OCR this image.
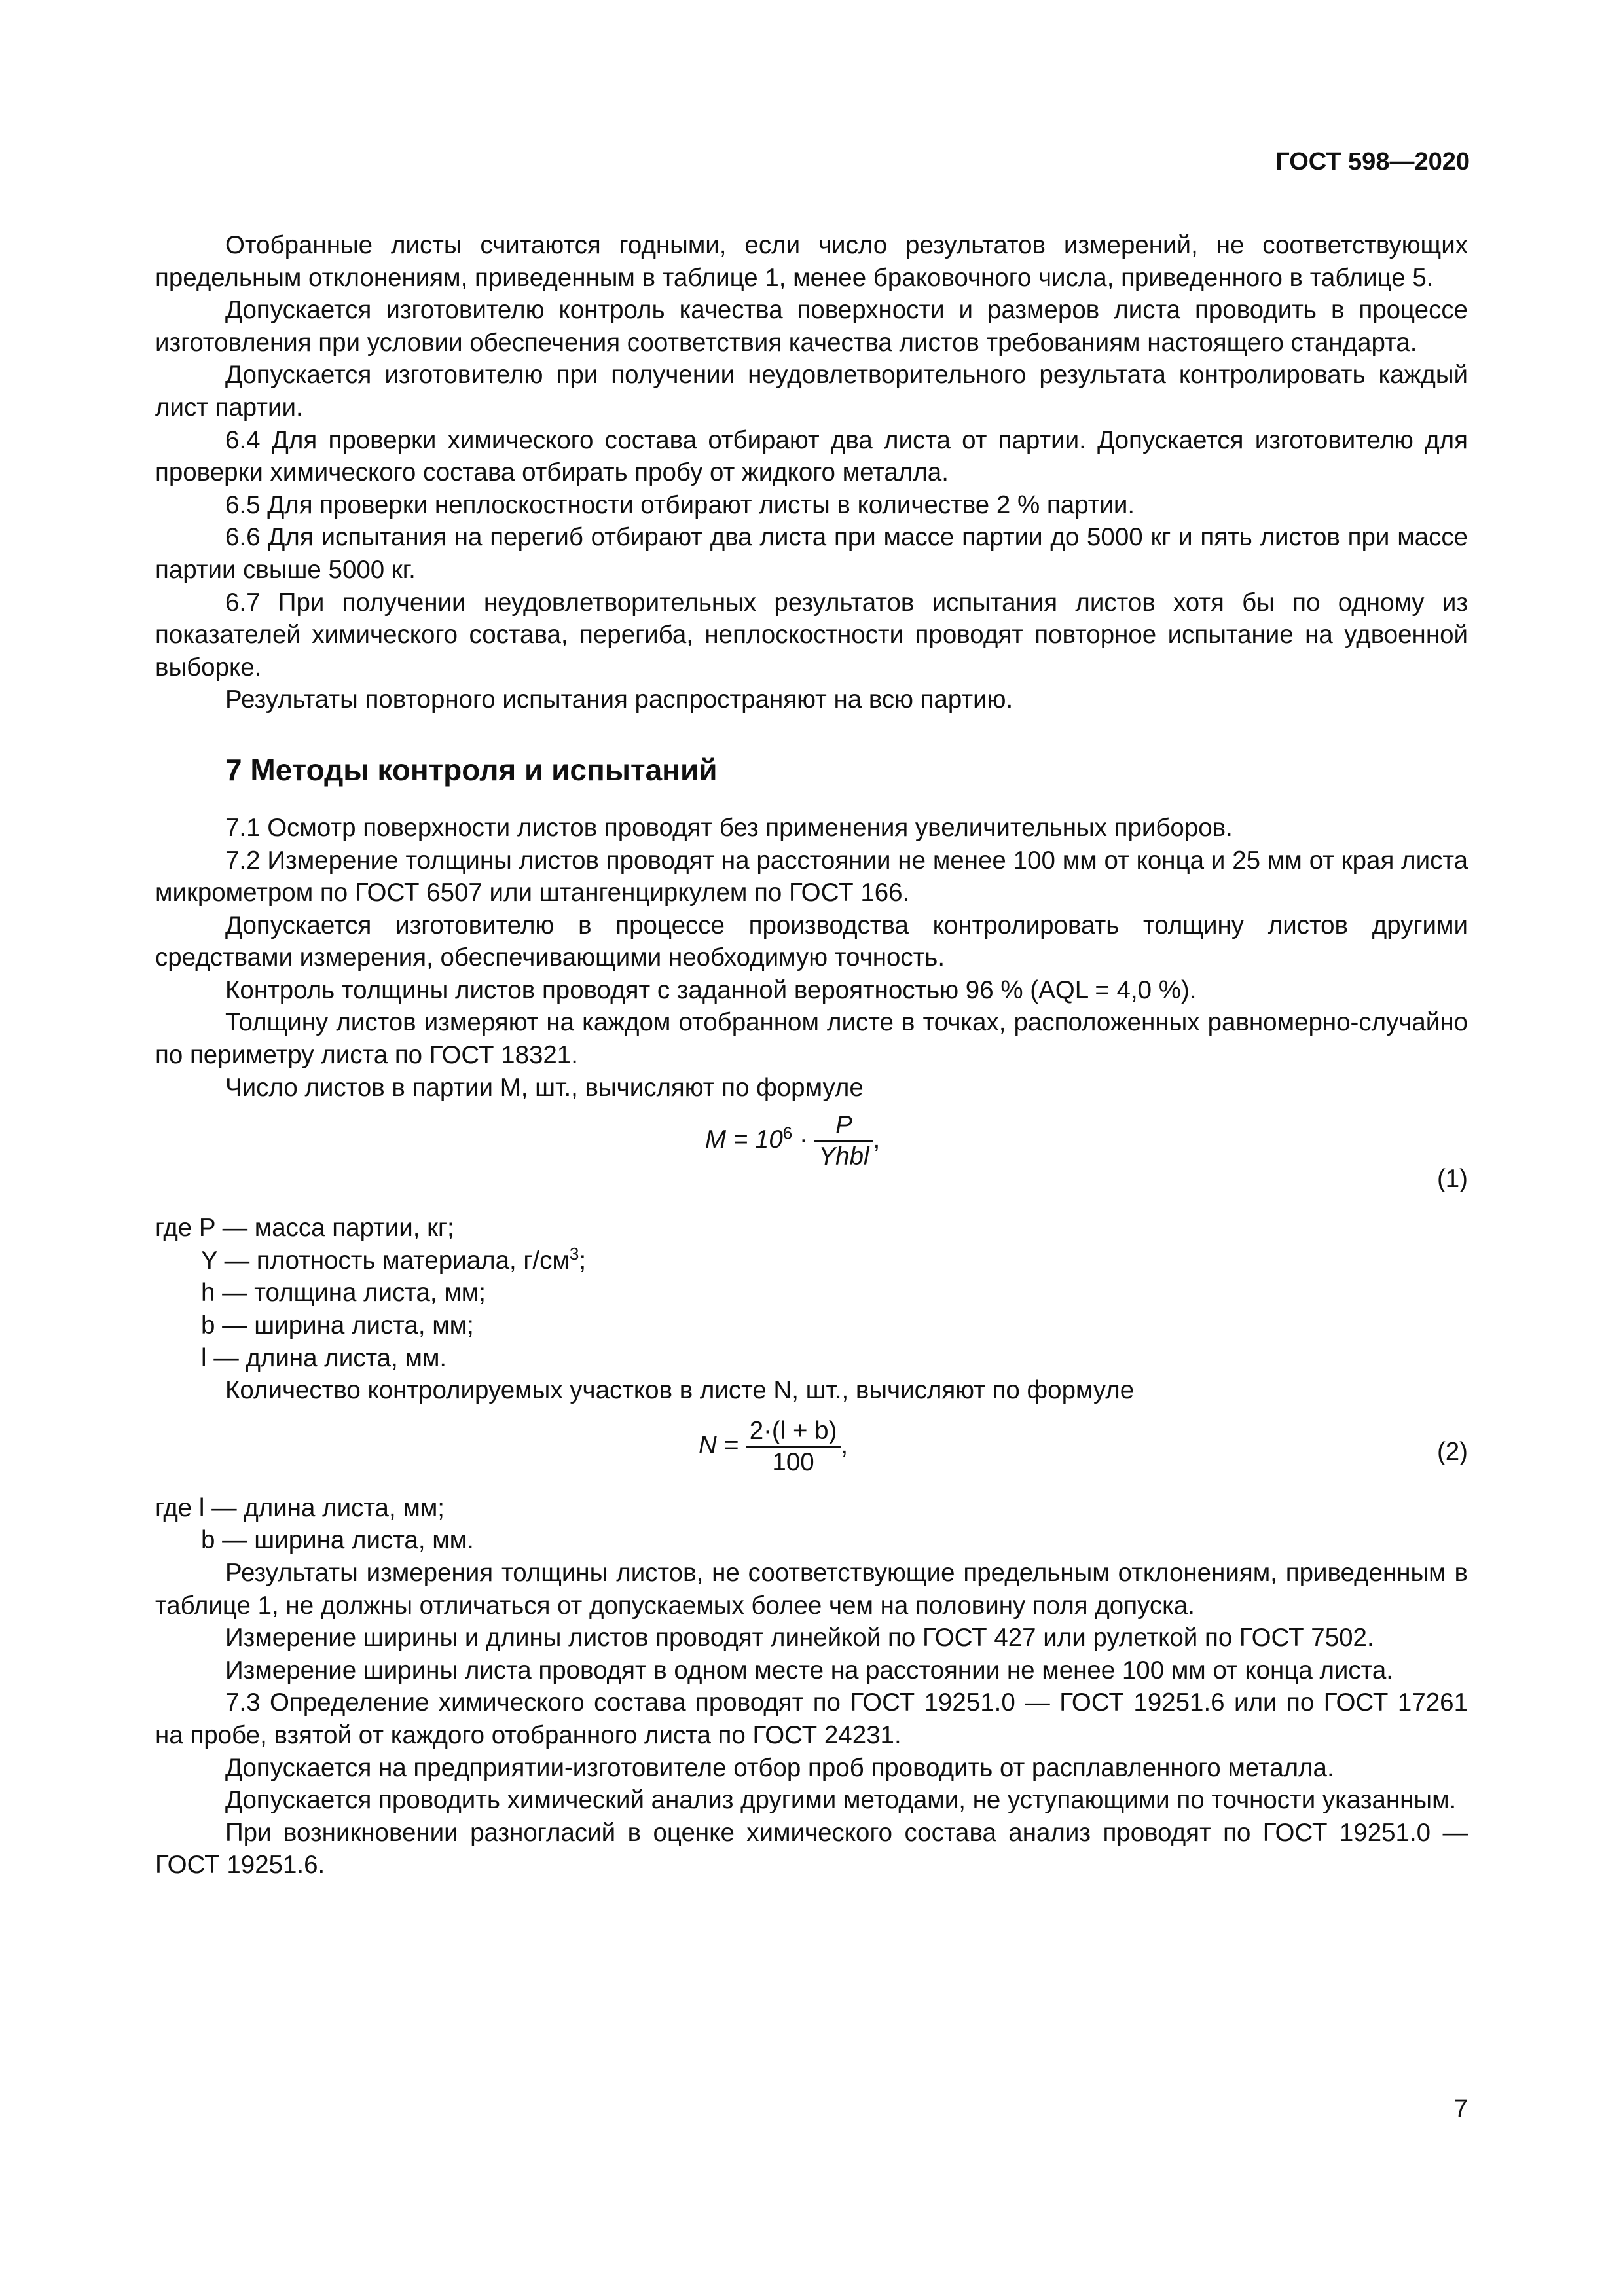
ГОСТ 598—2020

Отобранные листы считаются годными, если число результатов измерений, не соответствующих предельным отклонениям, приведенным в таблице 1, менее браковочного числа, приведенного в таблице 5.

Допускается изготовителю контроль качества поверхности и размеров листа проводить в процессе изготовления при условии обеспечения соответствия качества листов требованиям настоящего стандарта.

Допускается изготовителю при получении неудовлетворительного результата контролировать каждый лист партии.

6.4 Для проверки химического состава отбирают два листа от партии. Допускается изготовителю для проверки химического состава отбирать пробу от жидкого металла.

6.5 Для проверки неплоскостности отбирают листы в количестве 2 % партии.

6.6 Для испытания на перегиб отбирают два листа при массе партии до 5000 кг и пять листов при массе партии свыше 5000 кг.

6.7 При получении неудовлетворительных результатов испытания листов хотя бы по одному из показателей химического состава, перегиба, неплоскостности проводят повторное испытание на удвоенной выборке.

Результаты повторного испытания распространяют на всю партию.

7 Методы контроля и испытаний

7.1 Осмотр поверхности листов проводят без применения увеличительных приборов.

7.2 Измерение толщины листов проводят на расстоянии не менее 100 мм от конца и 25 мм от края листа микрометром по ГОСТ 6507 или штангенциркулем по ГОСТ 166.

Допускается изготовителю в процессе производства контролировать толщину листов другими средствами измерения, обеспечивающими необходимую точность.

Контроль толщины листов проводят с заданной вероятностью 96 % (AQL = 4,0 %).

Толщину листов измеряют на каждом отобранном листе в точках, расположенных равномерно-случайно по периметру листа по ГОСТ 18321.

Число листов в партии M, шт., вычисляют по формуле

$M = 10^6 \cdot \frac{P}{\text{Yhbl}}$ ,
(1)

где P — масса партии, кг;

Y — плотность материала, $г/см^3$;

h — толщина листа, мм;

b — ширина листа, мм;

l — длина листа, мм.

Количество контролируемых участков в листе N, шт., вычисляют по формуле

$N = \frac{2\cdot(l + b)}{100}$ ,	(2)

где l — длина листа, мм;

b — ширина листа, мм.

Результаты измерения толщины листов, не соответствующие предельным отклонениям, приведенным в таблице 1, не должны отличаться от допускаемых более чем на половину поля допуска.

Измерение ширины и длины листов проводят линейкой по ГОСТ 427 или рулеткой по ГОСТ 7502.

Измерение ширины листа проводят в одном месте на расстоянии не менее 100 мм от конца листа.

7.3 Определение химического состава проводят по ГОСТ 19251.0 — ГОСТ 19251.6 или по ГОСТ 17261 на пробе, взятой от каждого отобранного листа по ГОСТ 24231.

Допускается на предприятии-изготовителе отбор проб проводить от расплавленного металла.

Допускается проводить химический анализ другими методами, не уступающими по точности указанным.

При возникновении разногласий в оценке химического состава анализ проводят по ГОСТ 19251.0 — ГОСТ 19251.6.

7
